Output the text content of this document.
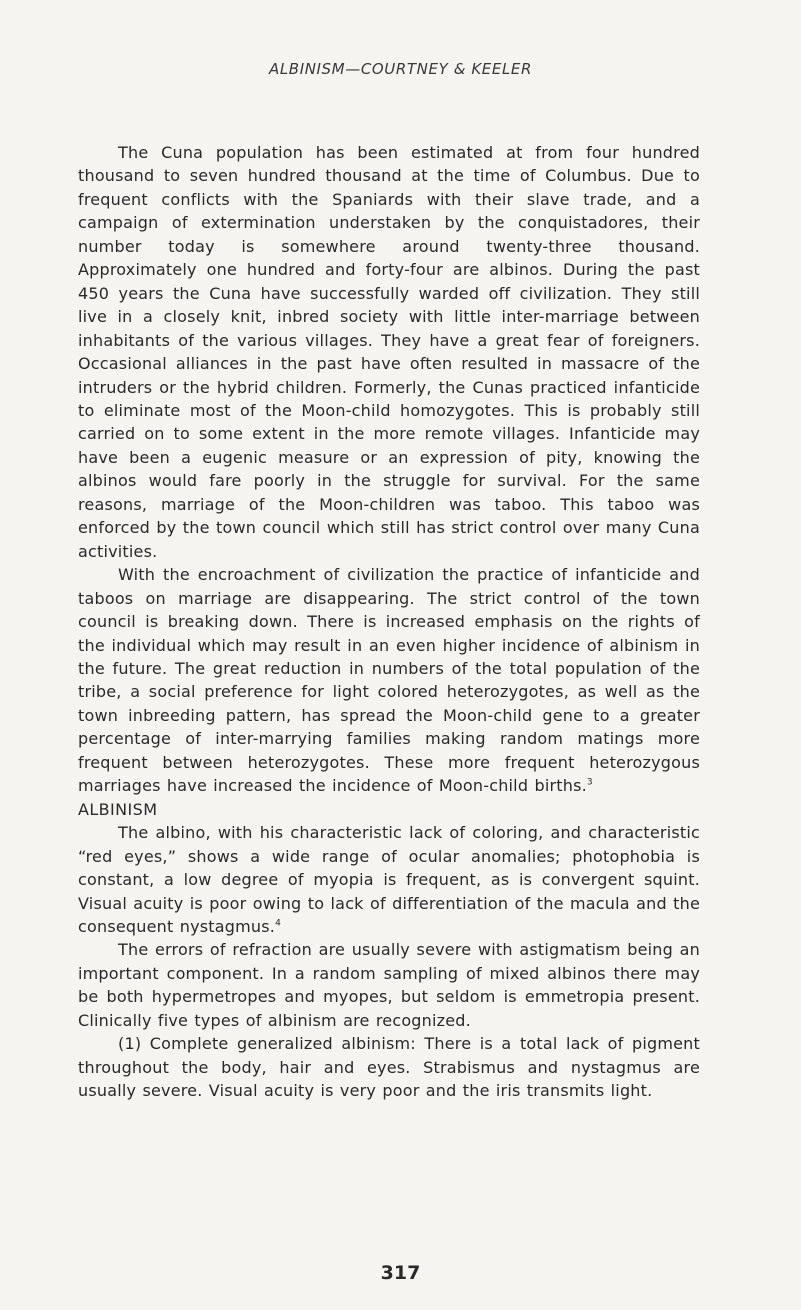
ALBINISM—COURTNEY & KEELER

The Cuna population has been estimated at from four hundred thousand to seven hundred thousand at the time of Columbus. Due to frequent conflicts with the Spaniards with their slave trade, and a campaign of extermination understaken by the conquistadores, their number today is somewhere around twenty-three thousand. Approximately one hundred and forty-four are albinos. During the past 450 years the Cuna have successfully warded off civilization. They still live in a closely knit, inbred society with little inter-marriage between inhabitants of the various villages. They have a great fear of foreigners. Occasional alliances in the past have often resulted in massacre of the intruders or the hybrid children. Formerly, the Cunas practiced infanticide to eliminate most of the Moon-child homozygotes. This is probably still carried on to some extent in the more remote villages. Infanticide may have been a eugenic measure or an expression of pity, knowing the albinos would fare poorly in the struggle for survival. For the same reasons, marriage of the Moon-children was taboo. This taboo was enforced by the town council which still has strict control over many Cuna activities.

With the encroachment of civilization the practice of infanticide and taboos on marriage are disappearing. The strict control of the town council is breaking down. There is increased emphasis on the rights of the individual which may result in an even higher incidence of albinism in the future. The great reduction in numbers of the total population of the tribe, a social preference for light colored heterozygotes, as well as the town inbreeding pattern, has spread the Moon-child gene to a greater percentage of inter-marrying families making random matings more frequent between heterozygotes. These more frequent heterozygous marriages have increased the incidence of Moon-child births.$^3$

ALBINISM

The albino, with his characteristic lack of coloring, and characteristic “red eyes,” shows a wide range of ocular anomalies; photophobia is constant, a low degree of myopia is frequent, as is convergent squint. Visual acuity is poor owing to lack of differentiation of the macula and the consequent nystagmus.$^4$

The errors of refraction are usually severe with astigmatism being an important component. In a random sampling of mixed albinos there may be both hypermetropes and myopes, but seldom is emmetropia present. Clinically five types of albinism are recognized.

(1) Complete generalized albinism: There is a total lack of pigment throughout the body, hair and eyes. Strabismus and nystagmus are usually severe. Visual acuity is very poor and the iris transmits light.

317
